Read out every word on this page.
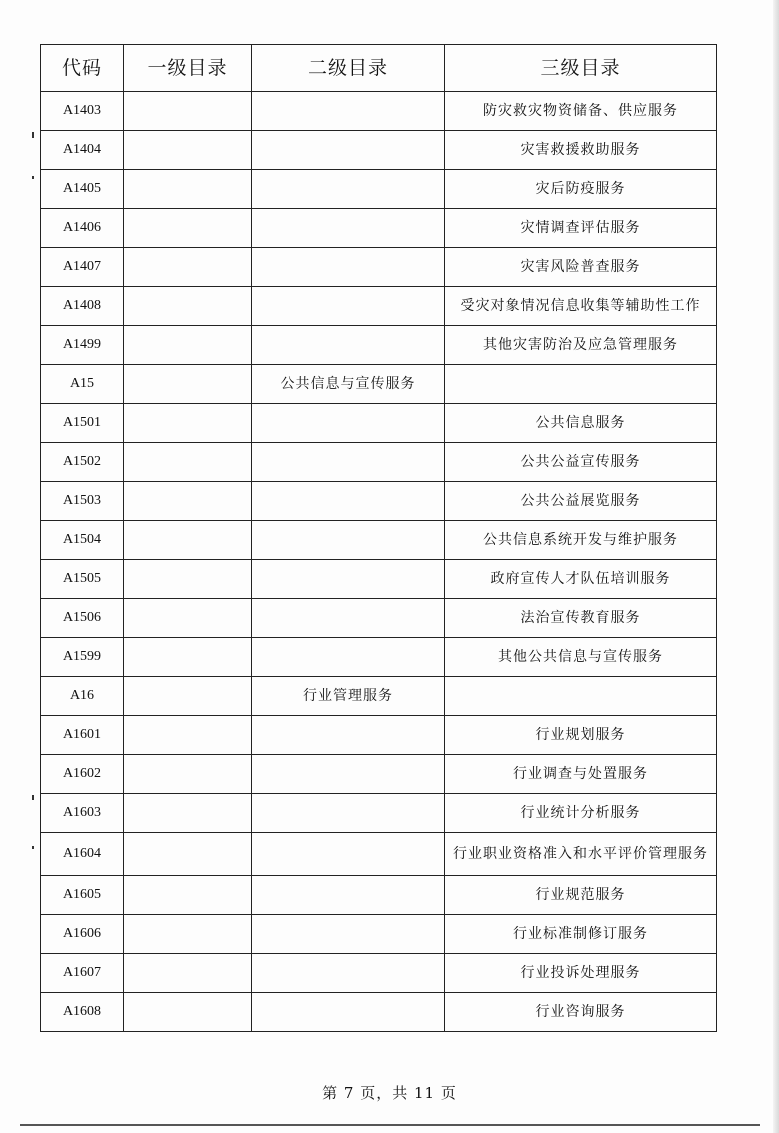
代码	一级目录	二级目录	三级目录
A1403			防灾救灾物资储备、供应服务
A1404			灾害救援救助服务
A1405			灾后防疫服务
A1406			灾情调查评估服务
A1407			灾害风险普查服务
A1408			受灾对象情况信息收集等辅助性工作
A1499			其他灾害防治及应急管理服务
A15		公共信息与宣传服务	
A1501			公共信息服务
A1502			公共公益宣传服务
A1503			公共公益展览服务
A1504			公共信息系统开发与维护服务
A1505			政府宣传人才队伍培训服务
A1506			法治宣传教育服务
A1599			其他公共信息与宣传服务
A16		行业管理服务	
A1601			行业规划服务
A1602			行业调查与处置服务
A1603			行业统计分析服务
A1604			行业职业资格准入和水平评价管理服务
A1605			行业规范服务
A1606			行业标准制修订服务
A1607			行业投诉处理服务
A1608			行业咨询服务
第 7 页，共 11 页
